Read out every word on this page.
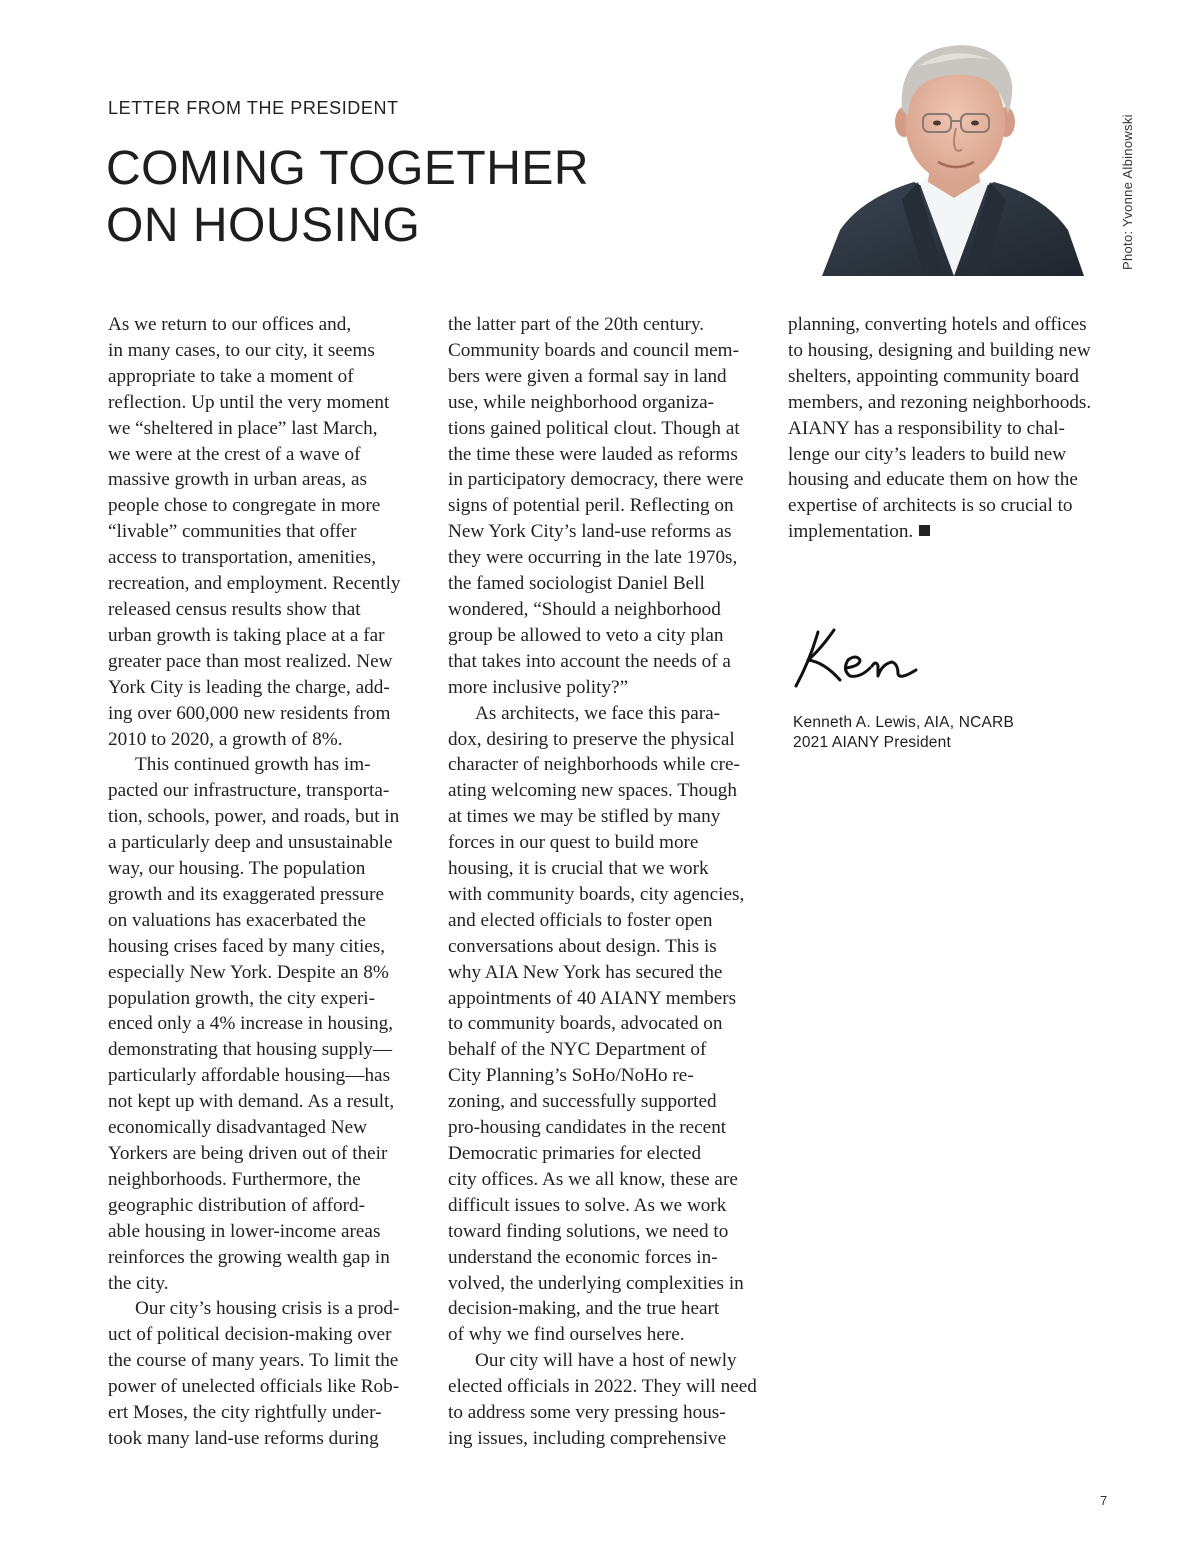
LETTER FROM THE PRESIDENT
COMING TOGETHER
ON HOUSING	Photo: Yvonne Albinowski

As we return to our offices and,
in many cases, to our city, it seems
appropriate to take a moment of
reflection. Up until the very moment
we “sheltered in place” last March,
we were at the crest of a wave of
massive growth in urban areas, as
people chose to congregate in more
“livable” communities that offer
access to transportation, amenities,
recreation, and employment. Recently
released census results show that
urban growth is taking place at a far
greater pace than most realized. New
York City is leading the charge, add-
ing over 600,000 new residents from
2010 to 2020, a growth of 8%.

This continued growth has im-
pacted our infrastructure, transporta-
tion, schools, power, and roads, but in
a particularly deep and unsustainable
way, our housing. The population
growth and its exaggerated pressure
on valuations has exacerbated the
housing crises faced by many cities,
especially New York. Despite an 8%
population growth, the city experi-
enced only a 4% increase in housing,
demonstrating that housing supply—
particularly affordable housing—has
not kept up with demand. As a result,
economically disadvantaged New
Yorkers are being driven out of their
neighborhoods. Furthermore, the
geographic distribution of afford-
able housing in lower-income areas
reinforces the growing wealth gap in
the city.

Our city’s housing crisis is a prod-
uct of political decision-making over
the course of many years. To limit the
power of unelected officials like Rob-
ert Moses, the city rightfully under-
took many land-use reforms during

the latter part of the 20th century.
Community boards and council mem-
bers were given a formal say in land
use, while neighborhood organiza-
tions gained political clout. Though at
the time these were lauded as reforms
in participatory democracy, there were
signs of potential peril. Reflecting on
New York City’s land-use reforms as
they were occurring in the late 1970s,
the famed sociologist Daniel Bell
wondered, “Should a neighborhood
group be allowed to veto a city plan
that takes into account the needs of a
more inclusive polity?”

As architects, we face this para-
dox, desiring to preserve the physical
character of neighborhoods while cre-
ating welcoming new spaces. Though
at times we may be stifled by many
forces in our quest to build more
housing, it is crucial that we work
with community boards, city agencies,
and elected officials to foster open
conversations about design. This is
why AIA New York has secured the
appointments of 40 AIANY members
to community boards, advocated on
behalf of the NYC Department of
City Planning’s SoHo/NoHo re-
zoning, and successfully supported
pro-housing candidates in the recent
Democratic primaries for elected
city offices. As we all know, these are
difficult issues to solve. As we work
toward finding solutions, we need to
understand the economic forces in-
volved, the underlying complexities in
decision-making, and the true heart
of why we find ourselves here.

Our city will have a host of newly
elected officials in 2022. They will need
to address some very pressing hous-
ing issues, including comprehensive

planning, converting hotels and offices
to housing, designing and building new
shelters, appointing community board
members, and rezoning neighborhoods.
AIANY has a responsibility to chal-
lenge our city’s leaders to build new
housing and educate them on how the
expertise of architects is so crucial to
implementation.

Kenneth A. Lewis, AIA, NCARB
2021 AIANY President
7
